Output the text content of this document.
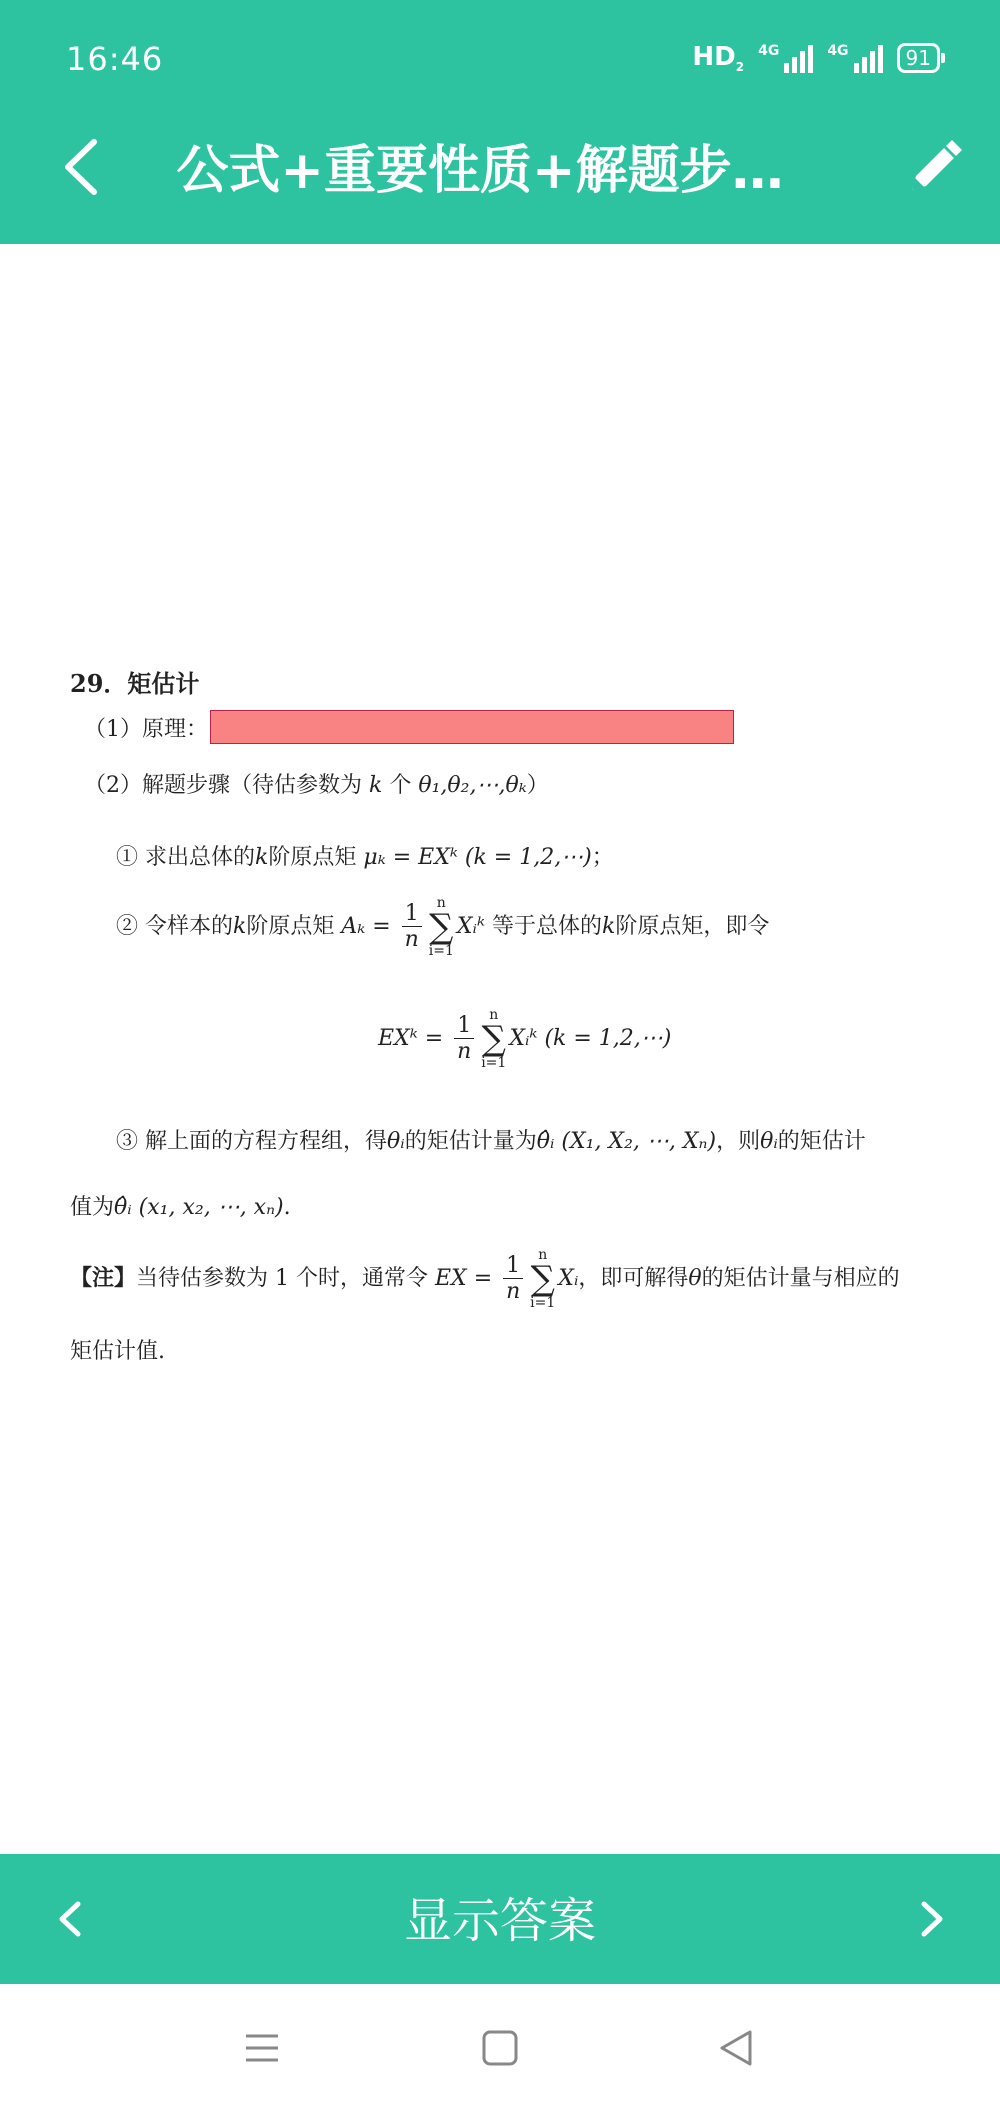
16:46	$HD_2$
4G	4G	91
公式+重要性质+解题步…
29．矩估计
（1）原理：
（2）解题步骤（待估参数为 k 个 θ₁,θ₂,⋯,θₖ）
① 求出总体的k阶原点矩 μₖ = EXᵏ (k = 1,2,⋯)；
② 令样本的k阶原点矩 $A_k = \frac{1}{n}$ n
∑
i=1Xᵢᵏ 等于总体的k阶原点矩，即令
EXᵏ = $\frac{1}{n}$ n
∑
i=1Xᵢᵏ (k = 1,2,⋯)
③ 解上面的方程方程组，得θᵢ的矩估计量为θ̂ᵢ (X₁, X₂, ⋯, Xₙ)，则θᵢ的矩估计
值为θ̂ᵢ (x₁, x₂, ⋯, xₙ).
【注】当待估参数为 1 个时，通常令 EX = $\frac{1}{n}$ n
∑
i=1Xᵢ，即可解得θ的矩估计量与相应的
矩估计值.
显示答案
